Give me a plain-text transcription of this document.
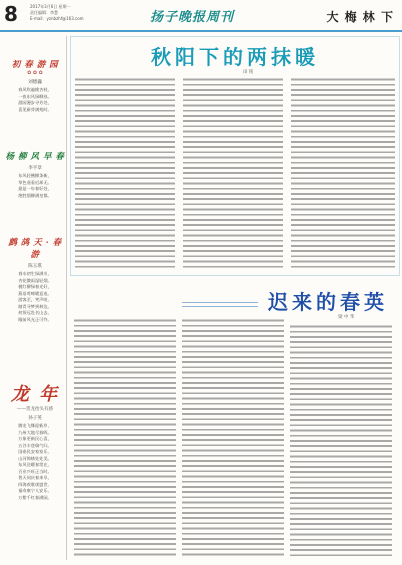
8	2017年3月6日 星期一
责任编辑：李慧
E-mail：yznbzhf@163.com	扬子晚报周刊	大 梅 林 下
初 春 游 园
✿ ✿ ✿
刘德巍
春风吹遍桃杏枝，
一夜东风绿柳丝。
游园漫步寻芳处，
喜见新芽满苑时。
杨 柳 风 早 春
李平章
东风轻拂柳条新，
草色遥看近却无。
最是一年春好处，
绝胜烟柳满皇都。
鹧 鸪 天 · 春 游
陈玉琪
春水初生绿满川，
杏花微雨湿轻烟。
桃红柳绿春光好，
燕语莺啼暖意连。
游客至，笑声喧，
踏青寻梦到林边。
何须远赴名山去，
眼前风光正可怜。
龙 年
——贺龙抬头有感
孙子英
腾龙飞舞迎新岁，
九州大地尽春晖。
万象更新民心喜，
五谷丰登瑞气归。
国泰民安家家乐，
山河锦绣处处美。
东风送暖春常在，
百业兴旺正当时。
普天同庆春来早，
四海欢歌颂盛世。
福寿康宁人安乐，
万紫千红春满园。
秋阳下的两抹暖
田 铭
迟来的春英
梁 中 华
